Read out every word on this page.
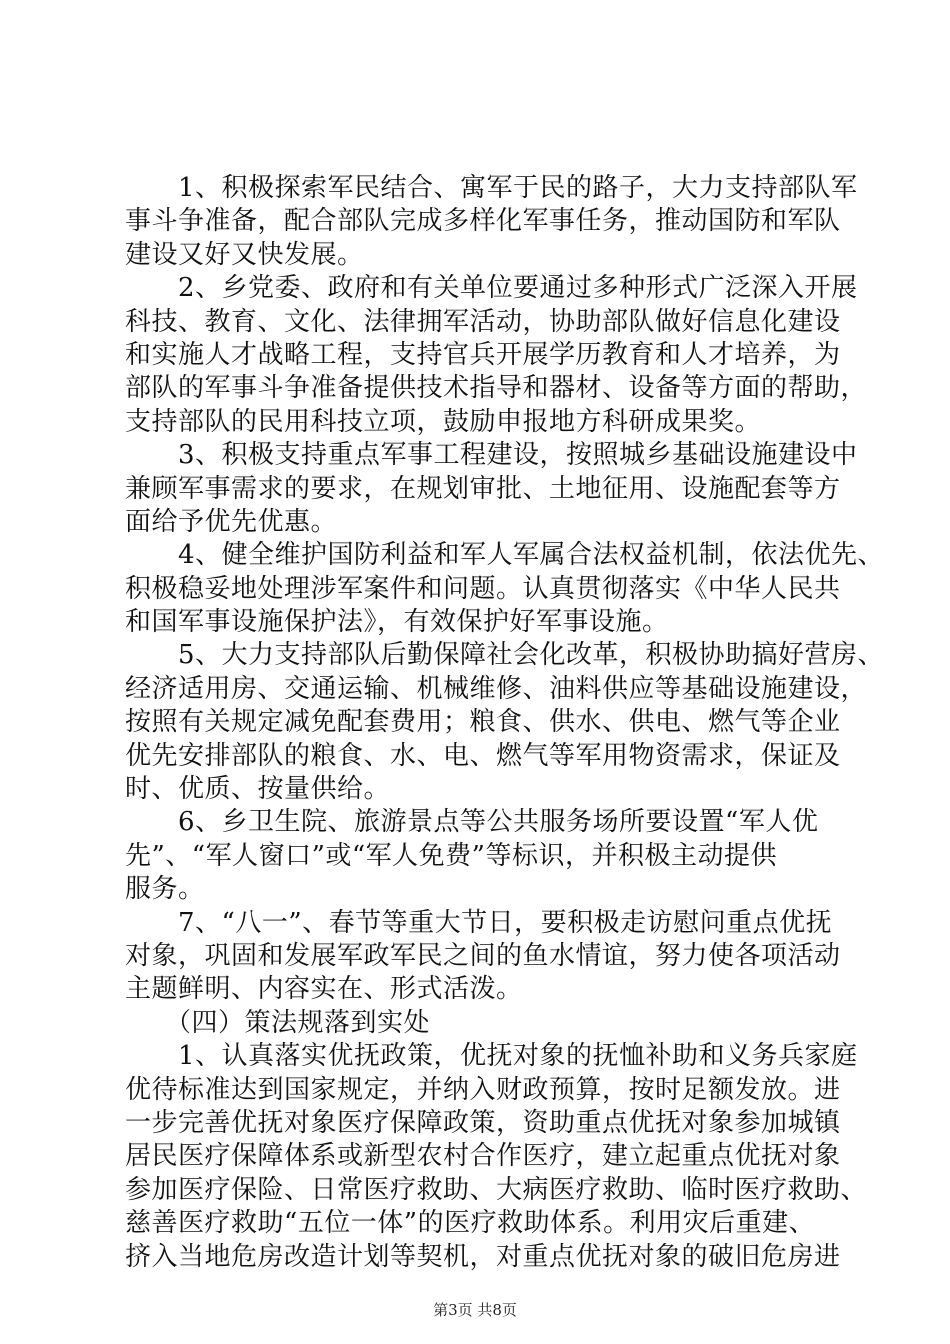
　　1、积极探索军民结合、寓军于民的路子，大力支持部队军
事斗争准备，配合部队完成多样化军事任务，推动国防和军队
建设又好又快发展。
　　2、乡党委、政府和有关单位要通过多种形式广泛深入开展
科技、教育、文化、法律拥军活动，协助部队做好信息化建设
和实施人才战略工程，支持官兵开展学历教育和人才培养，为
部队的军事斗争准备提供技术指导和器材、设备等方面的帮助，
支持部队的民用科技立项，鼓励申报地方科研成果奖。
　　3、积极支持重点军事工程建设，按照城乡基础设施建设中
兼顾军事需求的要求，在规划审批、土地征用、设施配套等方
面给予优先优惠。
　　4、健全维护国防利益和军人军属合法权益机制，依法优先、
积极稳妥地处理涉军案件和问题。认真贯彻落实《中华人民共
和国军事设施保护法》，有效保护好军事设施。
　　5、大力支持部队后勤保障社会化改革，积极协助搞好营房、
经济适用房、交通运输、机械维修、油料供应等基础设施建设，
按照有关规定减免配套费用；粮食、供水、供电、燃气等企业
优先安排部队的粮食、水、电、燃气等军用物资需求，保证及
时、优质、按量供给。
　　6、乡卫生院、旅游景点等公共服务场所要设置“军人优
先”、“军人窗口”或“军人免费”等标识，并积极主动提供
服务。
　　7、“八一”、春节等重大节日，要积极走访慰问重点优抚
对象，巩固和发展军政军民之间的鱼水情谊，努力使各项活动
主题鲜明、内容实在、形式活泼。
　　（四）策法规落到实处
　　1、认真落实优抚政策，优抚对象的抚恤补助和义务兵家庭
优待标准达到国家规定，并纳入财政预算，按时足额发放。进
一步完善优抚对象医疗保障政策，资助重点优抚对象参加城镇
居民医疗保障体系或新型农村合作医疗，建立起重点优抚对象
参加医疗保险、日常医疗救助、大病医疗救助、临时医疗救助、
慈善医疗救助“五位一体”的医疗救助体系。利用灾后重建、
挤入当地危房改造计划等契机，对重点优抚对象的破旧危房进
第3页 共8页
